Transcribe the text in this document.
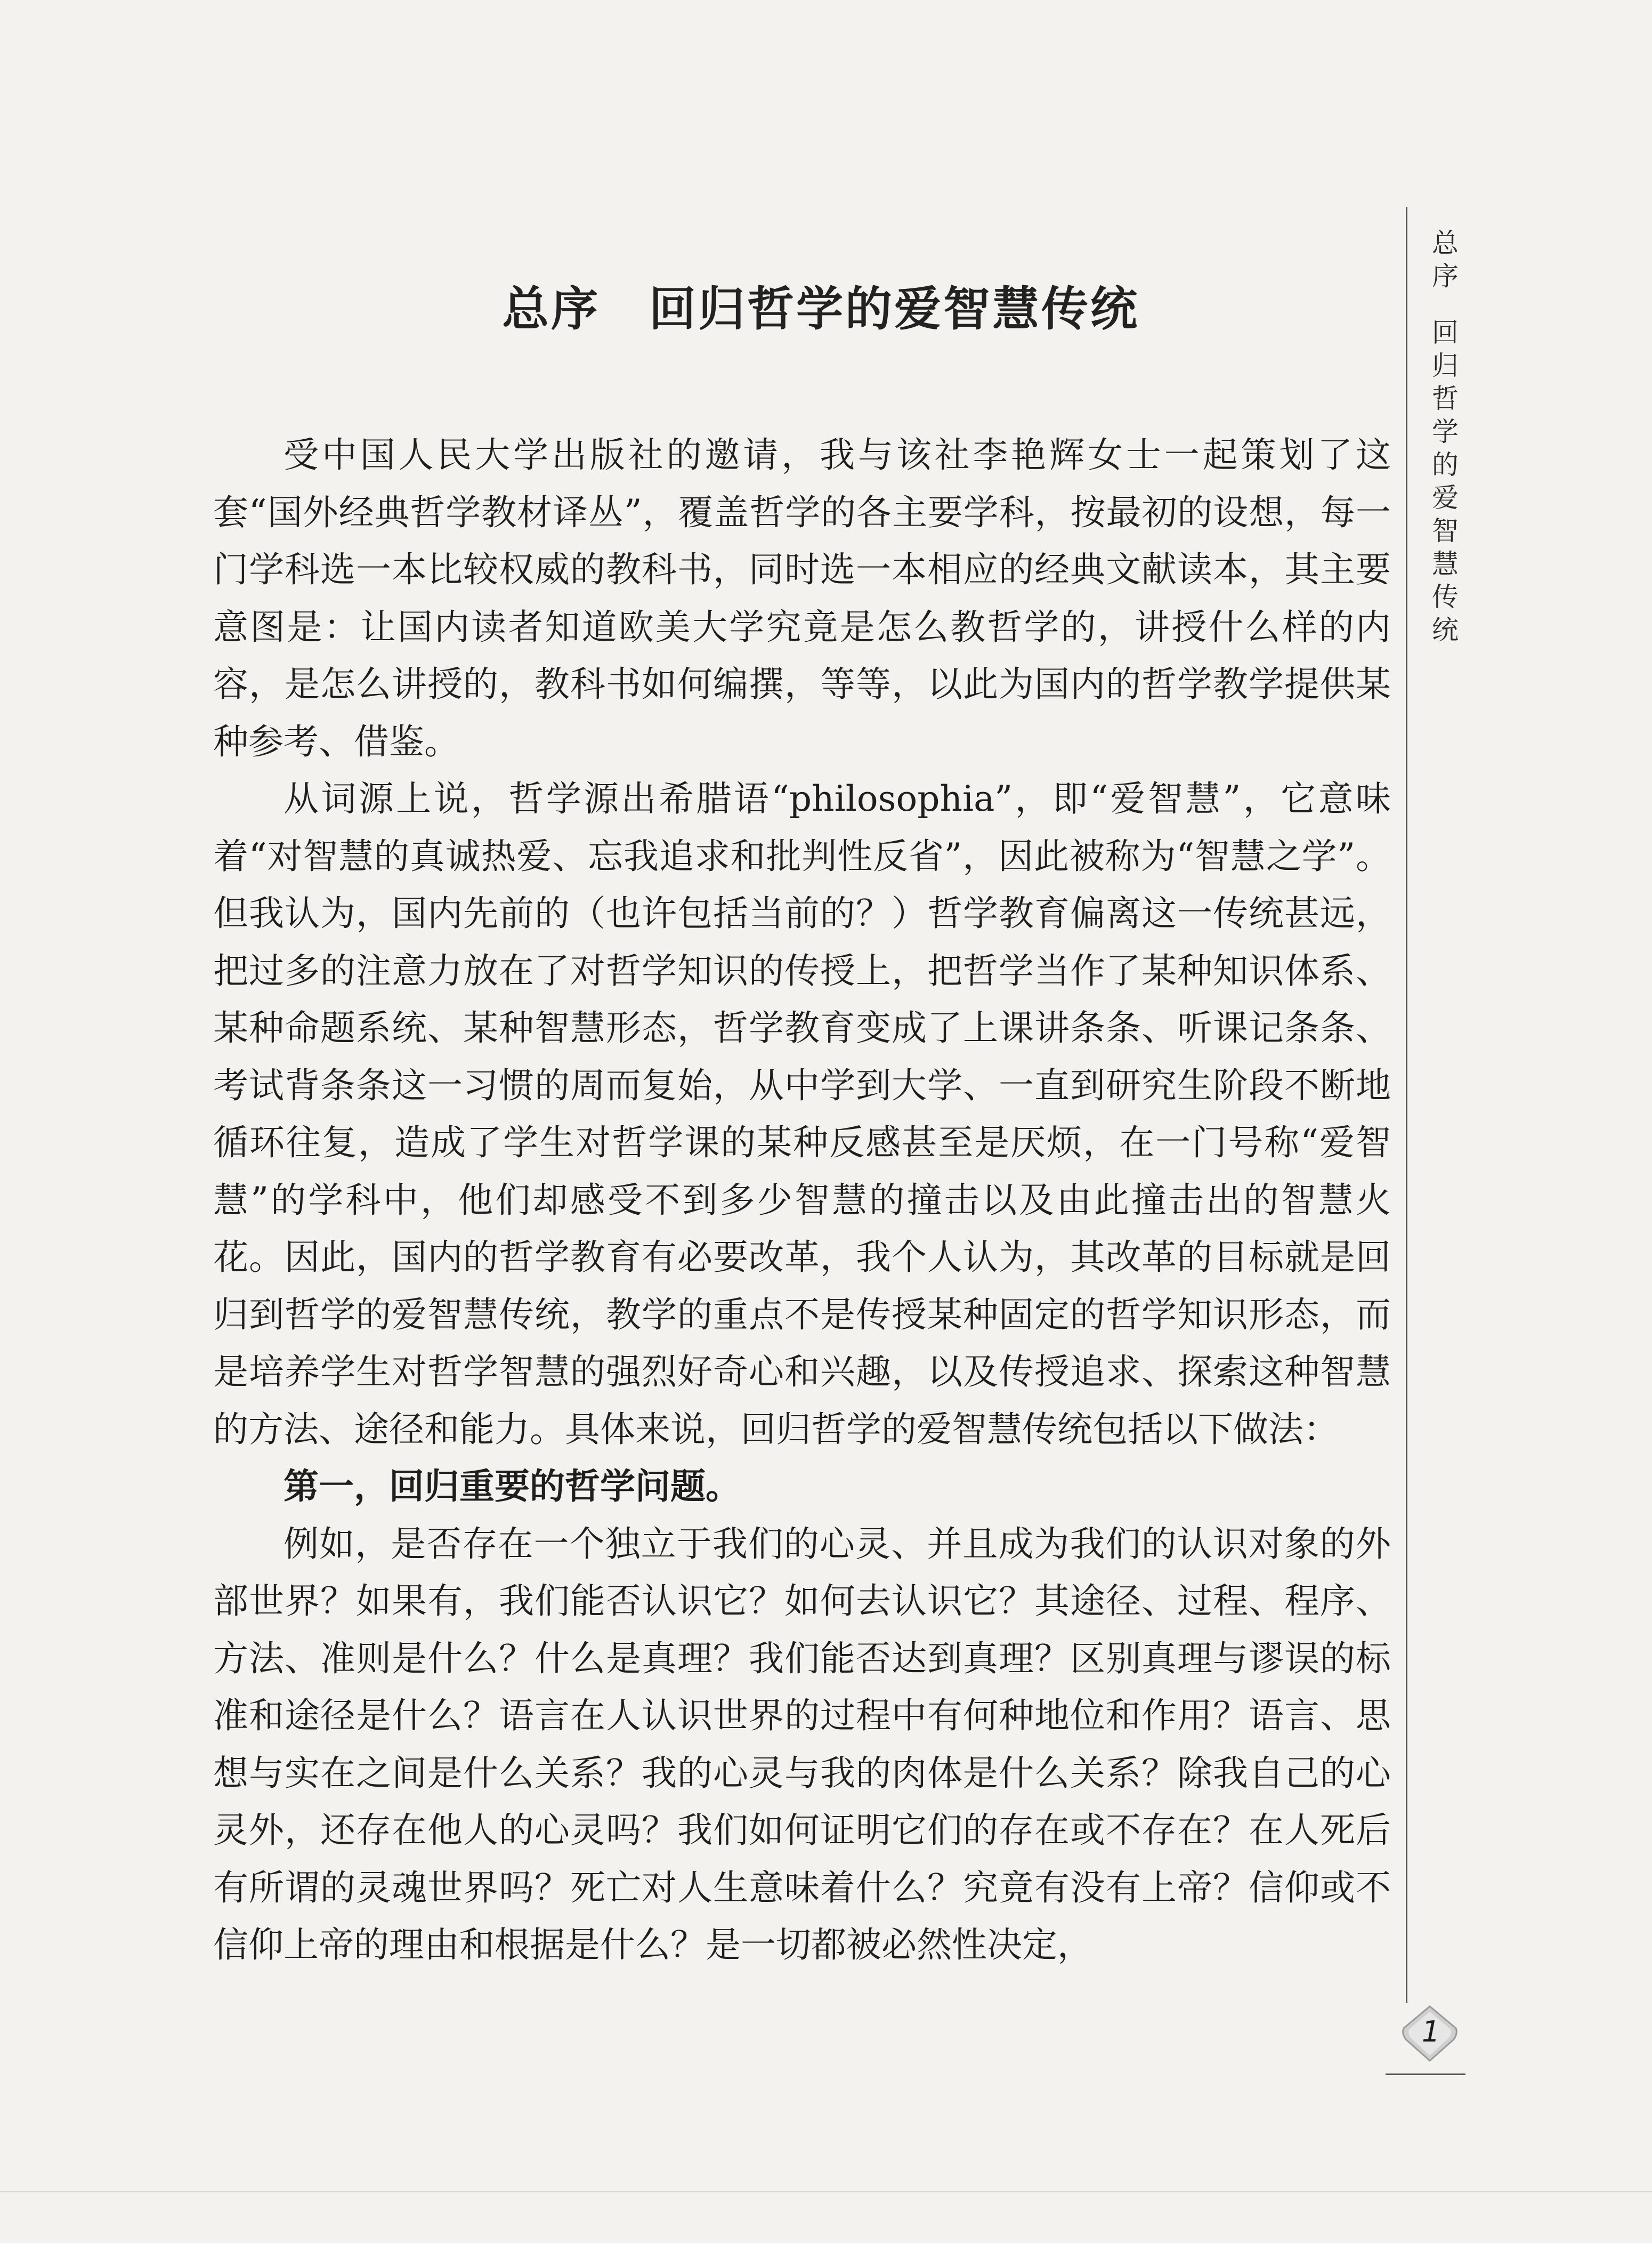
总序　回归哲学的爱智慧传统

受中国人民大学出版社的邀请，我与该社李艳辉女士一起策划了这套“国外经典哲学教材译丛”，覆盖哲学的各主要学科，按最初的设想，每一门学科选一本比较权威的教科书，同时选一本相应的经典文献读本，其主要意图是：让国内读者知道欧美大学究竟是怎么教哲学的，讲授什么样的内容，是怎么讲授的，教科书如何编撰，等等，以此为国内的哲学教学提供某种参考、借鉴。

从词源上说，哲学源出希腊语“philosophia”，即“爱智慧”，它意味着“对智慧的真诚热爱、忘我追求和批判性反省”，因此被称为“智慧之学”。但我认为，国内先前的（也许包括当前的？）哲学教育偏离这一传统甚远，把过多的注意力放在了对哲学知识的传授上，把哲学当作了某种知识体系、某种命题系统、某种智慧形态，哲学教育变成了上课讲条条、听课记条条、考试背条条这一习惯的周而复始，从中学到大学、一直到研究生阶段不断地循环往复，造成了学生对哲学课的某种反感甚至是厌烦，在一门号称“爱智慧”的学科中，他们却感受不到多少智慧的撞击以及由此撞击出的智慧火花。因此，国内的哲学教育有必要改革，我个人认为，其改革的目标就是回归到哲学的爱智慧传统，教学的重点不是传授某种固定的哲学知识形态，而是培养学生对哲学智慧的强烈好奇心和兴趣，以及传授追求、探索这种智慧的方法、途径和能力。具体来说，回归哲学的爱智慧传统包括以下做法：

第一，回归重要的哲学问题。

例如，是否存在一个独立于我们的心灵、并且成为我们的认识对象的外部世界？如果有，我们能否认识它？如何去认识它？其途径、过程、程序、方法、准则是什么？什么是真理？我们能否达到真理？区别真理与谬误的标准和途径是什么？语言在人认识世界的过程中有何种地位和作用？语言、思想与实在之间是什么关系？我的心灵与我的肉体是什么关系？除我自己的心灵外，还存在他人的心灵吗？我们如何证明它们的存在或不存在？在人死后有所谓的灵魂世界吗？死亡对人生意味着什么？究竟有没有上帝？信仰或不信仰上帝的理由和根据是什么？是一切都被必然性决定，

总序
回归哲学的爱智慧传统
1
